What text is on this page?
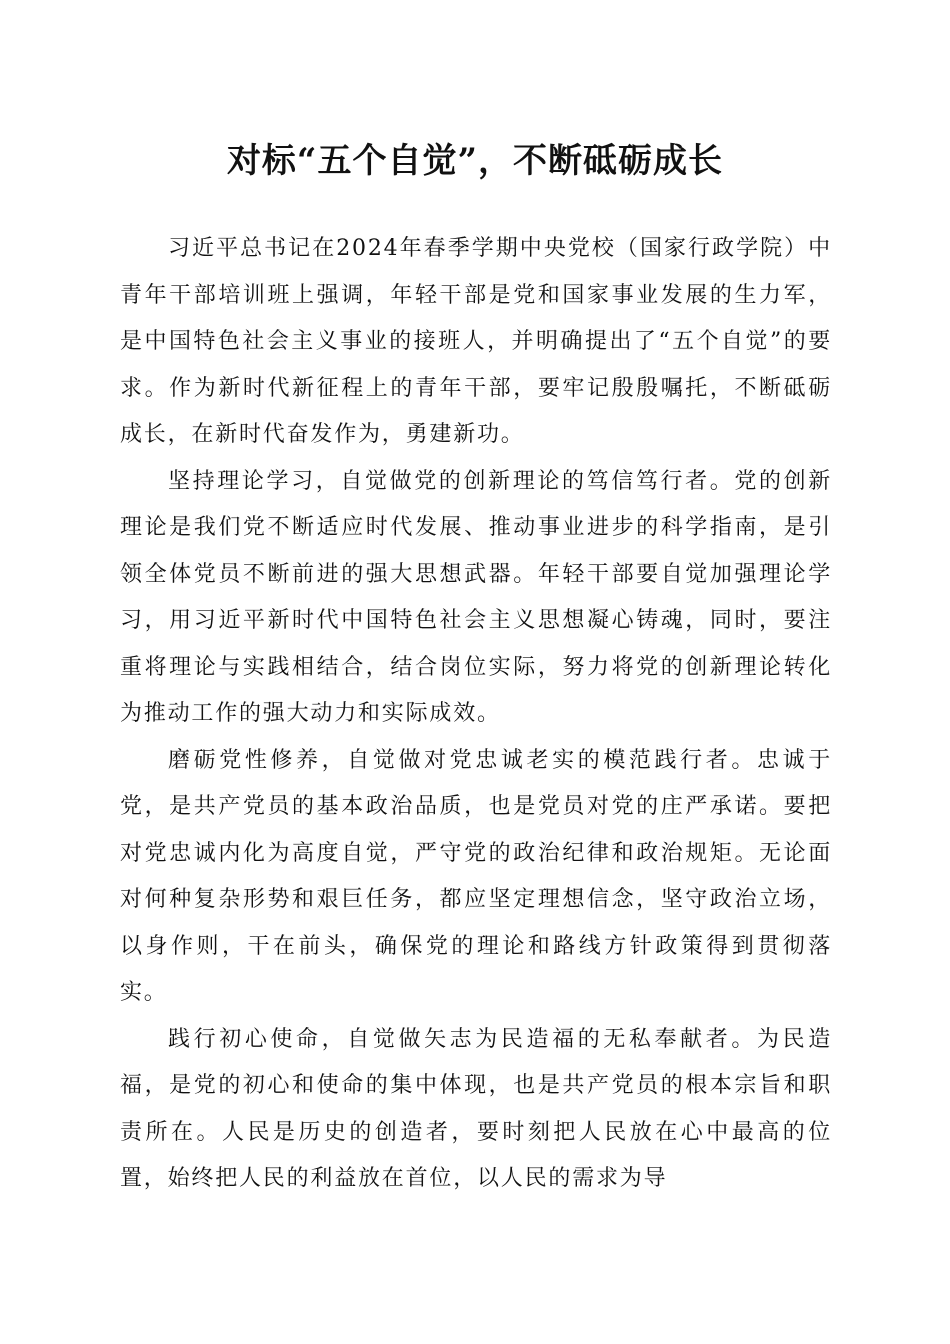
对标“五个自觉”，不断砥砺成长

习近平总书记在2024年春季学期中央党校（国家行政学院）中青年干部培训班上强调，年轻干部是党和国家事业发展的生力军，是中国特色社会主义事业的接班人，并明确提出了“五个自觉”的要求。作为新时代新征程上的青年干部，要牢记殷殷嘱托，不断砥砺成长，在新时代奋发作为，勇建新功。

坚持理论学习，自觉做党的创新理论的笃信笃行者。党的创新理论是我们党不断适应时代发展、推动事业进步的科学指南，是引领全体党员不断前进的强大思想武器。年轻干部要自觉加强理论学习，用习近平新时代中国特色社会主义思想凝心铸魂，同时，要注重将理论与实践相结合，结合岗位实际，努力将党的创新理论转化为推动工作的强大动力和实际成效。

磨砺党性修养，自觉做对党忠诚老实的模范践行者。忠诚于党，是共产党员的基本政治品质，也是党员对党的庄严承诺。要把对党忠诚内化为高度自觉，严守党的政治纪律和政治规矩。无论面对何种复杂形势和艰巨任务，都应坚定理想信念，坚守政治立场，以身作则，干在前头，确保党的理论和路线方针政策得到贯彻落实。

践行初心使命，自觉做矢志为民造福的无私奉献者。为民造福，是党的初心和使命的集中体现，也是共产党员的根本宗旨和职责所在。人民是历史的创造者，要时刻把人民放在心中最高的位置，始终把人民的利益放在首位，以人民的需求为导
